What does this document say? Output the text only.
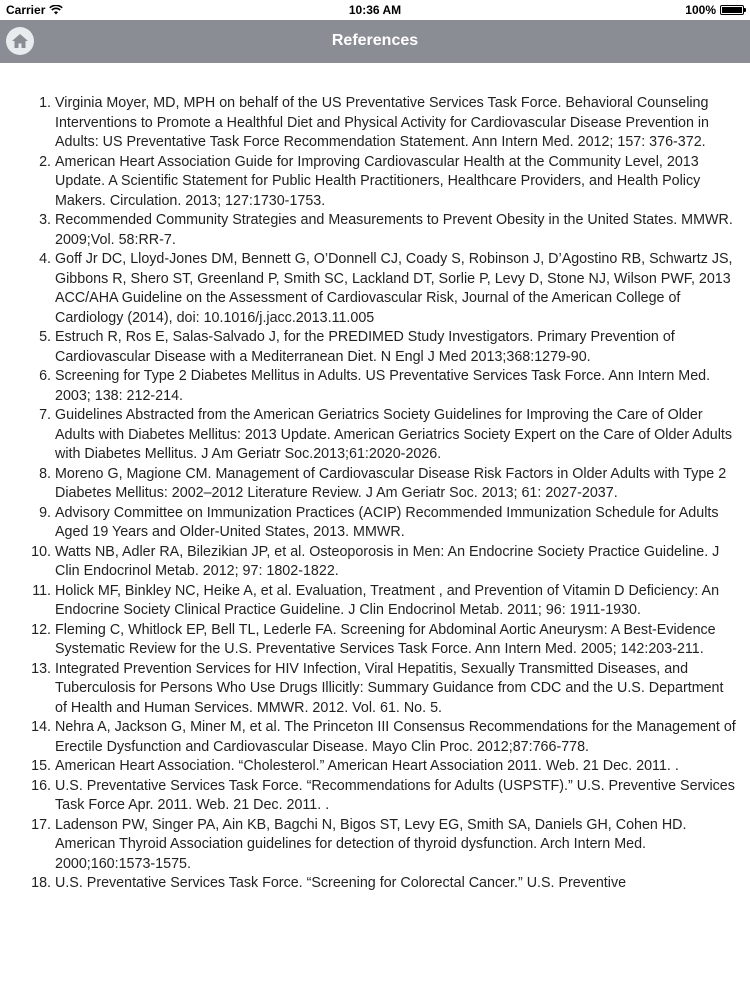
Carrier	10:36 AM	100%
References
1. Virginia Moyer, MD, MPH on behalf of the US Preventative Services Task Force. Behavioral Counseling Interventions to Promote a Healthful Diet and Physical Activity for Cardiovascular Disease Prevention in Adults: US Preventative Task Force Recommendation Statement. Ann Intern Med. 2012; 157: 376-372.
2. American Heart Association Guide for Improving Cardiovascular Health at the Community Level, 2013 Update. A Scientific Statement for Public Health Practitioners, Healthcare Providers, and Health Policy Makers. Circulation. 2013; 127:1730-1753.
3. Recommended Community Strategies and Measurements to Prevent Obesity in the United States. MMWR. 2009;Vol. 58:RR-7.
4. Goff Jr DC, Lloyd-Jones DM, Bennett G, O’Donnell CJ, Coady S, Robinson J, D’Agostino RB, Schwartz JS, Gibbons R, Shero ST, Greenland P, Smith SC, Lackland DT, Sorlie P, Levy D, Stone NJ, Wilson PWF, 2013 ACC/AHA Guideline on the Assessment of Cardiovascular Risk, Journal of the American College of Cardiology (2014), doi: 10.1016/j.jacc.2013.11.005
5. Estruch R, Ros E, Salas-Salvado J, for the PREDIMED Study Investigators. Primary Prevention of Cardiovascular Disease with a Mediterranean Diet. N Engl J Med 2013;368:1279-90.
6. Screening for Type 2 Diabetes Mellitus in Adults. US Preventative Services Task Force. Ann Intern Med. 2003; 138: 212-214.
7. Guidelines Abstracted from the American Geriatrics Society Guidelines for Improving the Care of Older Adults with Diabetes Mellitus: 2013 Update. American Geriatrics Society Expert on the Care of Older Adults with Diabetes Mellitus. J Am Geriatr Soc.2013;61:2020-2026.
8. Moreno G, Magione CM. Management of Cardiovascular Disease Risk Factors in Older Adults with Type 2 Diabetes Mellitus: 2002–2012 Literature Review. J Am Geriatr Soc. 2013; 61: 2027-2037.
9. Advisory Committee on Immunization Practices (ACIP) Recommended Immunization Schedule for Adults Aged 19 Years and Older-United States, 2013. MMWR.
10. Watts NB, Adler RA, Bilezikian JP, et al. Osteoporosis in Men: An Endocrine Society Practice Guideline. J Clin Endocrinol Metab. 2012; 97: 1802-1822.
11. Holick MF, Binkley NC, Heike A, et al. Evaluation, Treatment , and Prevention of Vitamin D Deficiency: An Endocrine Society Clinical Practice Guideline. J Clin Endocrinol Metab. 2011; 96: 1911-1930.
12. Fleming C, Whitlock EP, Bell TL, Lederle FA. Screening for Abdominal Aortic Aneurysm: A Best-Evidence Systematic Review for the U.S. Preventative Services Task Force. Ann Intern Med. 2005; 142:203-211.
13. Integrated Prevention Services for HIV Infection, Viral Hepatitis, Sexually Transmitted Diseases, and Tuberculosis for Persons Who Use Drugs Illicitly: Summary Guidance from CDC and the U.S. Department of Health and Human Services. MMWR. 2012. Vol. 61. No. 5.
14. Nehra A, Jackson G, Miner M, et al. The Princeton III Consensus Recommendations for the Management of Erectile Dysfunction and Cardiovascular Disease. Mayo Clin Proc. 2012;87:766-778.
15. American Heart Association. “Cholesterol.” American Heart Association 2011. Web. 21 Dec. 2011. .
16. U.S. Preventative Services Task Force. “Recommendations for Adults (USPSTF).” U.S. Preventive Services Task Force Apr. 2011. Web. 21 Dec. 2011. .
17. Ladenson PW, Singer PA, Ain KB, Bagchi N, Bigos ST, Levy EG, Smith SA, Daniels GH, Cohen HD. American Thyroid Association guidelines for detection of thyroid dysfunction. Arch Intern Med. 2000;160:1573-1575.
18. U.S. Preventative Services Task Force. “Screening for Colorectal Cancer.” U.S. Preventive
